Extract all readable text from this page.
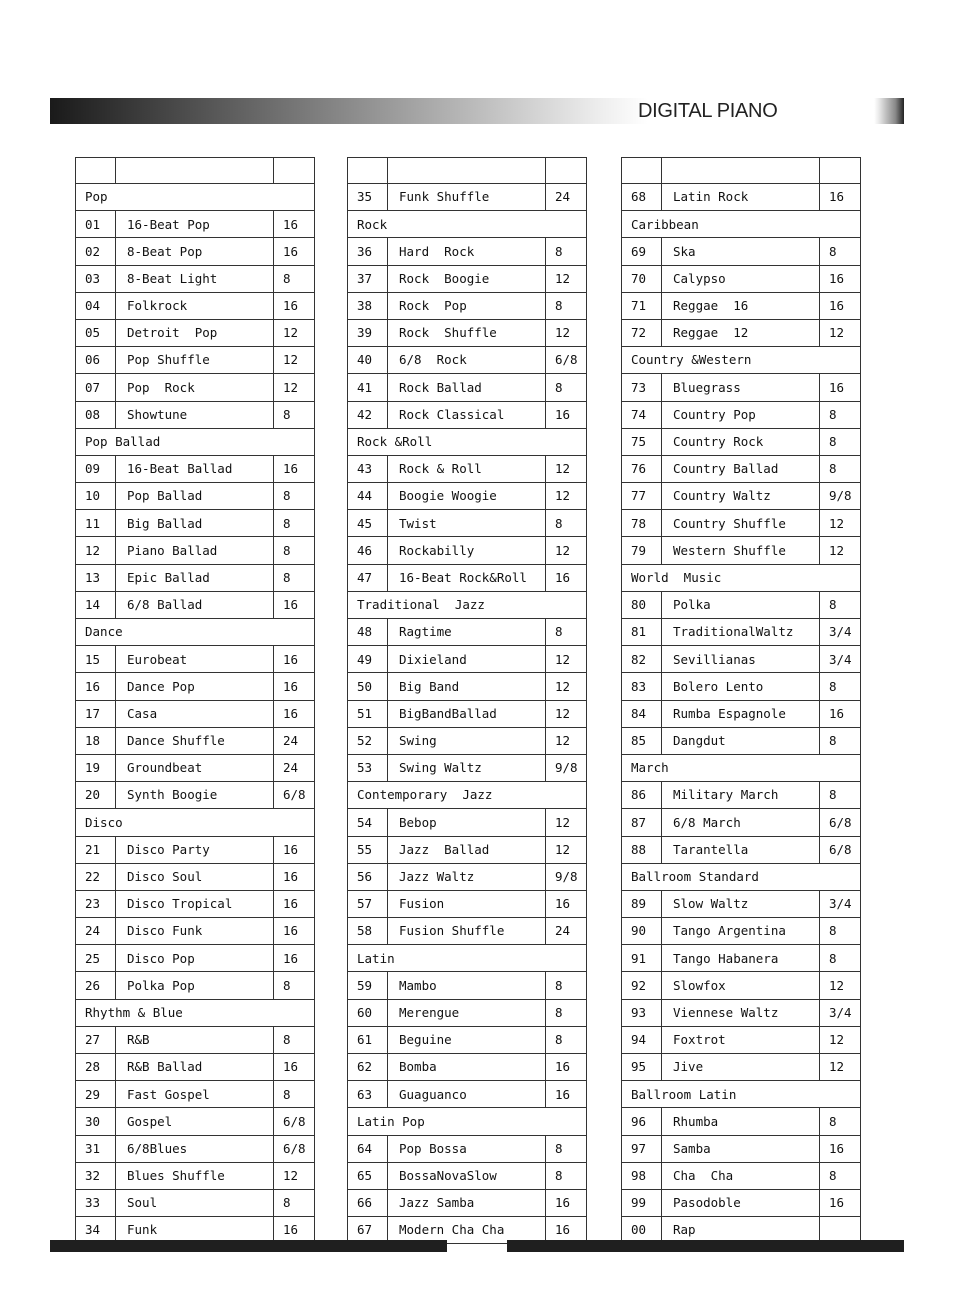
DIGITAL PIANO

Pop		
01	16-Beat Pop	16
02	8-Beat Pop	16
03	8-Beat Light	8
04	Folkrock	16
05	Detroit  Pop	12
06	Pop Shuffle	12
07	Pop  Rock	12
08	Showtune	8
Pop Ballad		
09	16-Beat Ballad	16
10	Pop Ballad	8
11	Big Ballad	8
12	Piano Ballad	8
13	Epic Ballad	8
14	6/8 Ballad	16
Dance		
15	Eurobeat	16
16	Dance Pop	16
17	Casa	16
18	Dance Shuffle	24
19	Groundbeat	24
20	Synth Boogie	6/8
Disco		
21	Disco Party	16
22	Disco Soul	16
23	Disco Tropical	16
24	Disco Funk	16
25	Disco Pop	16
26	Polka Pop	8
Rhythm & Blue		
27	R&B	8
28	R&B Ballad	16
29	Fast Gospel	8
30	Gospel	6/8
31	6/8Blues	6/8
32	Blues Shuffle	12
33	Soul	8
34	Funk	16

35	Funk Shuffle	24
Rock		
36	Hard  Rock	8
37	Rock  Boogie	12
38	Rock  Pop	8
39	Rock  Shuffle	12
40	6/8  Rock	6/8
41	Rock Ballad	8
42	Rock Classical	16
Rock &Roll		
43	Rock & Roll	12
44	Boogie Woogie	12
45	Twist	8
46	Rockabilly	12
47	16-Beat Rock&Roll	16
Traditional  Jazz		
48	Ragtime	8
49	Dixieland	12
50	Big Band	12
51	BigBandBallad	12
52	Swing	12
53	Swing Waltz	9/8
Contemporary  Jazz		
54	Bebop	12
55	Jazz  Ballad	12
56	Jazz Waltz	9/8
57	Fusion	16
58	Fusion Shuffle	24
Latin		
59	Mambo	8
60	Merengue	8
61	Beguine	8
62	Bomba	16
63	Guaguanco	16
Latin Pop		
64	Pop Bossa	8
65	BossaNovaSlow	8
66	Jazz Samba	16
67	Modern Cha Cha	16

68	Latin Rock	16
Caribbean		
69	Ska	8
70	Calypso	16
71	Reggae  16	16
72	Reggae  12	12
Country &Western		
73	Bluegrass	16
74	Country Pop	8
75	Country Rock	8
76	Country Ballad	8
77	Country Waltz	9/8
78	Country Shuffle	12
79	Western Shuffle	12
World  Music		
80	Polka	8
81	TraditionalWaltz	3/4
82	Sevillianas	3/4
83	Bolero Lento	8
84	Rumba Espagnole	16
85	Dangdut	8
March		
86	Military March	8
87	6/8 March	6/8
88	Tarantella	6/8
Ballroom Standard		
89	Slow Waltz	3/4
90	Tango Argentina	8
91	Tango Habanera	8
92	Slowfox	12
93	Viennese Waltz	3/4
94	Foxtrot	12
95	Jive	12
Ballroom Latin		
96	Rhumba	8
97	Samba	16
98	Cha  Cha	8
99	Pasodoble	16
00	Rap	
